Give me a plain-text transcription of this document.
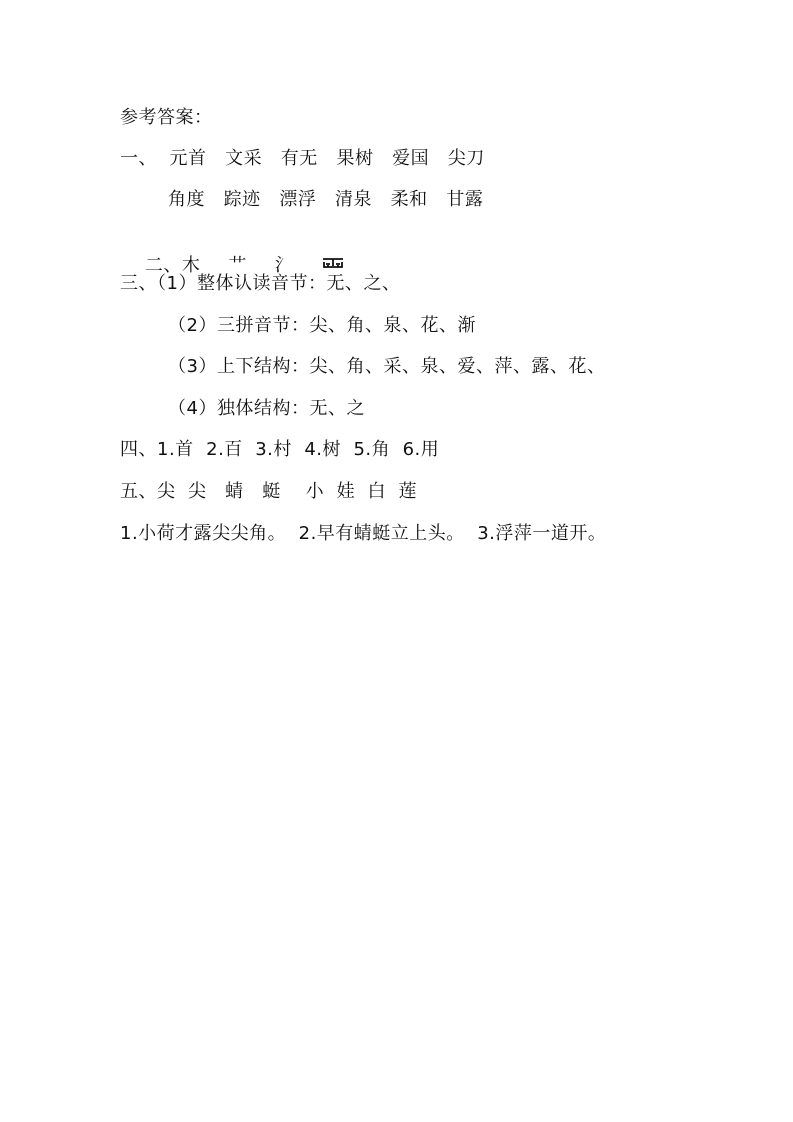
参考答案：
一、  元首   文采   有无   果树   爱国   尖刀
角度   踪迹   漂浮   清泉   柔和   甘露

二、木 艹 氵

三、（1）整体认读音节：无、之、
（2）三拼音节：尖、角、泉、花、渐
（3）上下结构：尖、角、采、泉、爱、萍、露、花、
（4）独体结构：无、之
四、1.首  2.百  3.村  4.树  5.角  6.用
五、尖  尖   蜻   蜓    小  娃  白  莲
1.小荷才露尖尖角。  2.早有蜻蜓立上头。  3.浮萍一道开。
